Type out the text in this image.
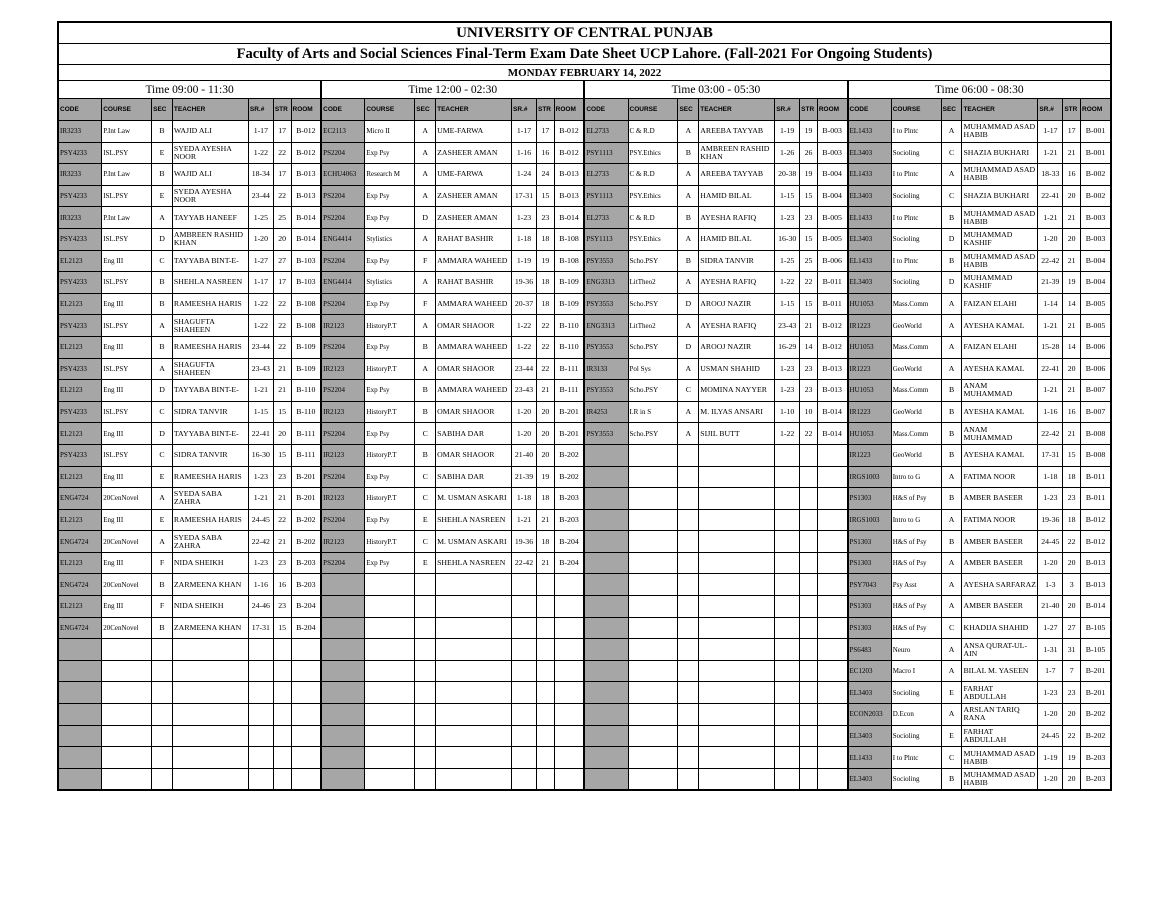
UNIVERSITY OF CENTRAL PUNJAB																											
Faculty of Arts and Social Sciences Final-Term Exam Date Sheet UCP Lahore. (Fall-2021 For Ongoing Students)																											
MONDAY FEBRUARY 14, 2022																											
Time 09:00 - 11:30							Time 12:00 - 02:30							Time 03:00 - 05:30							Time 06:00 - 08:30						
CODE	COURSE	SEC	TEACHER	SR.#	STR	ROOM	CODE	COURSE	SEC	TEACHER	SR.#	STR	ROOM	CODE	COURSE	SEC	TEACHER	SR.#	STR	ROOM	CODE	COURSE	SEC	TEACHER	SR.#	STR	ROOM
IR3233	P.Int Law	B	WAJID ALI	1-17	17	B-012	EC2113	Micro II	A	UME-FARWA	1-17	17	B-012	EL2733	C & R.D	A	AREEBA TAYYAB	1-19	19	B-003	EL1433	I to Plntc	A	MUHAMMAD ASAD HABIB	1-17	17	B-001
PSY4233	ISL.PSY	E	SYEDA AYESHA NOOR	1-22	22	B-012	PS2204	Exp Psy	A	ZASHEER AMAN	1-16	16	B-012	PSY1113	PSY.Ethics	B	AMBREEN RASHID KHAN	1-26	26	B-003	EL3403	Socioling	C	SHAZIA BUKHARI	1-21	21	B-001
IR3233	P.Int Law	B	WAJID ALI	18-34	17	B-013	ECHU4063	Research M	A	UME-FARWA	1-24	24	B-013	EL2733	C & R.D	A	AREEBA TAYYAB	20-38	19	B-004	EL1433	I to Plntc	A	MUHAMMAD ASAD HABIB	18-33	16	B-002
PSY4233	ISL.PSY	E	SYEDA AYESHA NOOR	23-44	22	B-013	PS2204	Exp Psy	A	ZASHEER AMAN	17-31	15	B-013	PSY1113	PSY.Ethics	A	HAMID BILAL	1-15	15	B-004	EL3403	Socioling	C	SHAZIA BUKHARI	22-41	20	B-002
IR3233	P.Int Law	A	TAYYAB HANEEF	1-25	25	B-014	PS2204	Exp Psy	D	ZASHEER AMAN	1-23	23	B-014	EL2733	C & R.D	B	AYESHA RAFIQ	1-23	23	B-005	EL1433	I to Plntc	B	MUHAMMAD ASAD HABIB	1-21	21	B-003
PSY4233	ISL.PSY	D	AMBREEN RASHID KHAN	1-20	20	B-014	ENG4414	Stylistics	A	RAHAT BASHIR	1-18	18	B-108	PSY1113	PSY.Ethics	A	HAMID BILAL	16-30	15	B-005	EL3403	Socioling	D	MUHAMMAD KASHIF	1-20	20	B-003
EL2123	Eng III	C	TAYYABA BINT-E-	1-27	27	B-103	PS2204	Exp Psy	F	AMMARA WAHEED	1-19	19	B-108	PSY3553	Scho.PSY	B	SIDRA TANVIR	1-25	25	B-006	EL1433	I to Plntc	B	MUHAMMAD ASAD HABIB	22-42	21	B-004
PSY4233	ISL.PSY	B	SHEHLA NASREEN	1-17	17	B-103	ENG4414	Stylistics	A	RAHAT BASHIR	19-36	18	B-109	ENG3313	LitTheo2	A	AYESHA RAFIQ	1-22	22	B-011	EL3403	Socioling	D	MUHAMMAD KASHIF	21-39	19	B-004
EL2123	Eng III	B	RAMEESHA HARIS	1-22	22	B-108	PS2204	Exp Psy	F	AMMARA WAHEED	20-37	18	B-109	PSY3553	Scho.PSY	D	AROOJ NAZIR	1-15	15	B-011	HU1053	Mass.Comm	A	FAIZAN ELAHI	1-14	14	B-005
PSY4233	ISL.PSY	A	SHAGUFTA SHAHEEN	1-22	22	B-108	IR2123	HistoryP.T	A	OMAR SHAOOR	1-22	22	B-110	ENG3313	LitTheo2	A	AYESHA RAFIQ	23-43	21	B-012	IR1223	GeoWorld	A	AYESHA KAMAL	1-21	21	B-005
EL2123	Eng III	B	RAMEESHA HARIS	23-44	22	B-109	PS2204	Exp Psy	B	AMMARA WAHEED	1-22	22	B-110	PSY3553	Scho.PSY	D	AROOJ NAZIR	16-29	14	B-012	HU1053	Mass.Comm	A	FAIZAN ELAHI	15-28	14	B-006
PSY4233	ISL.PSY	A	SHAGUFTA SHAHEEN	23-43	21	B-109	IR2123	HistoryP.T	A	OMAR SHAOOR	23-44	22	B-111	IR3133	Pol Sys	A	USMAN SHAHID	1-23	23	B-013	IR1223	GeoWorld	A	AYESHA KAMAL	22-41	20	B-006
EL2123	Eng III	D	TAYYABA BINT-E-	1-21	21	B-110	PS2204	Exp Psy	B	AMMARA WAHEED	23-43	21	B-111	PSY3553	Scho.PSY	C	MOMINA NAYYER	1-23	23	B-013	HU1053	Mass.Comm	B	ANAM MUHAMMAD	1-21	21	B-007
PSY4233	ISL.PSY	C	SIDRA TANVIR	1-15	15	B-110	IR2123	HistoryP.T	B	OMAR SHAOOR	1-20	20	B-201	IR4253	I.R in S	A	M. ILYAS ANSARI	1-10	10	B-014	IR1223	GeoWorld	B	AYESHA KAMAL	1-16	16	B-007
EL2123	Eng III	D	TAYYABA BINT-E-	22-41	20	B-111	PS2204	Exp Psy	C	SABIHA DAR	1-20	20	B-201	PSY3553	Scho.PSY	A	SIJIL BUTT	1-22	22	B-014	HU1053	Mass.Comm	B	ANAM MUHAMMAD	22-42	21	B-008
PSY4233	ISL.PSY	C	SIDRA TANVIR	16-30	15	B-111	IR2123	HistoryP.T	B	OMAR SHAOOR	21-40	20	B-202								IR1223	GeoWorld	B	AYESHA KAMAL	17-31	15	B-008
EL2123	Eng III	E	RAMEESHA HARIS	1-23	23	B-201	PS2204	Exp Psy	C	SABIHA DAR	21-39	19	B-202								IRGS1003	Intro to G	A	FATIMA NOOR	1-18	18	B-011
ENG4724	20CenNovel	A	SYEDA SABA ZAHRA	1-21	21	B-201	IR2123	HistoryP.T	C	M. USMAN ASKARI	1-18	18	B-203								PS1303	H&S of Psy	B	AMBER BASEER	1-23	23	B-011
EL2123	Eng III	E	RAMEESHA HARIS	24-45	22	B-202	PS2204	Exp Psy	E	SHEHLA NASREEN	1-21	21	B-203								IRGS1003	Intro to G	A	FATIMA NOOR	19-36	18	B-012
ENG4724	20CenNovel	A	SYEDA SABA ZAHRA	22-42	21	B-202	IR2123	HistoryP.T	C	M. USMAN ASKARI	19-36	18	B-204								PS1303	H&S of Psy	B	AMBER BASEER	24-45	22	B-012
EL2123	Eng III	F	NIDA SHEIKH	1-23	23	B-203	PS2204	Exp Psy	E	SHEHLA NASREEN	22-42	21	B-204								PS1303	H&S of Psy	A	AMBER BASEER	1-20	20	B-013
ENG4724	20CenNovel	B	ZARMEENA KHAN	1-16	16	B-203															PSY7043	Psy Asst	A	AYESHA SARFARAZ	1-3	3	B-013
EL2123	Eng III	F	NIDA SHEIKH	24-46	23	B-204															PS1303	H&S of Psy	A	AMBER BASEER	21-40	20	B-014
ENG4724	20CenNovel	B	ZARMEENA KHAN	17-31	15	B-204															PS1303	H&S of Psy	C	KHADIJA SHAHID	1-27	27	B-105
																					PS6483	Neuro	A	ANSA QURAT-UL-AIN	1-31	31	B-105
																					EC1203	Macro I	A	BILAL M. YASEEN	1-7	7	B-201
																					EL3403	Socioling	E	FARHAT ABDULLAH	1-23	23	B-201
																					ECON2033	D.Econ	A	ARSLAN TARIQ RANA	1-20	20	B-202
																					EL3403	Socioling	E	FARHAT ABDULLAH	24-45	22	B-202
																					EL1433	I to Plntc	C	MUHAMMAD ASAD HABIB	1-19	19	B-203
																					EL3403	Socioling	B	MUHAMMAD ASAD HABIB	1-20	20	B-203
